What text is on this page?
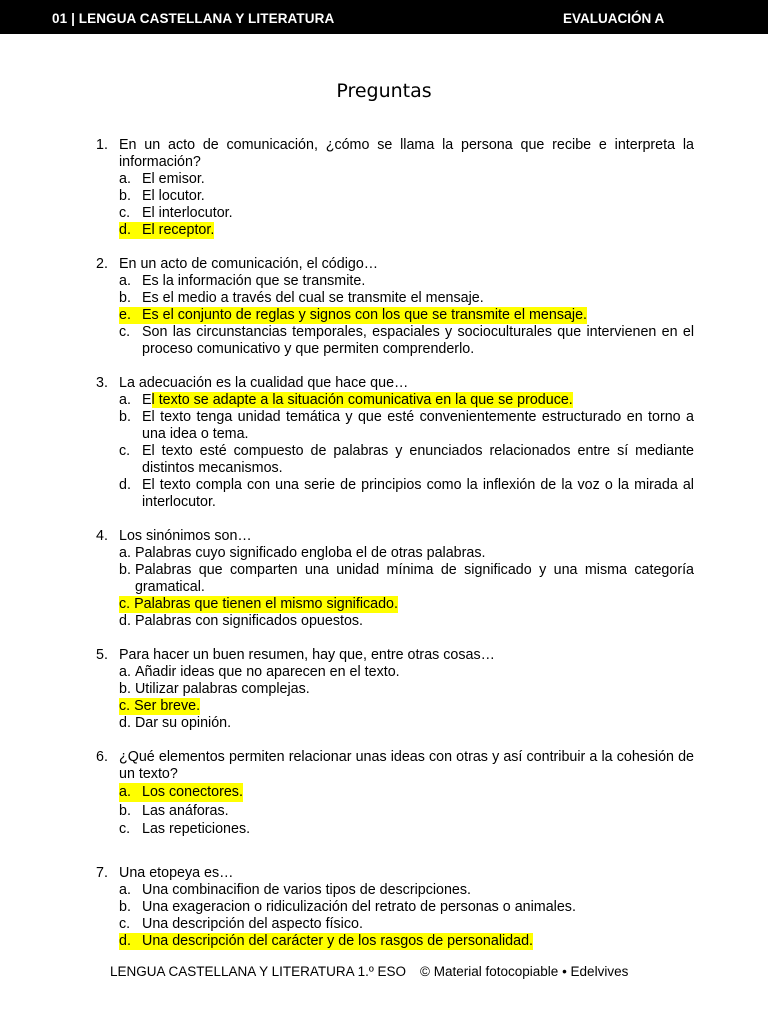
01 | LENGUA CASTELLANA Y LITERATURA	EVALUACIÓN A
Preguntas
1. En un acto de comunicación, ¿cómo se llama la persona que recibe e interpreta la información?
a. El emisor.
b. El locutor.
c. El interlocutor.
d. El receptor.
2. En un acto de comunicación, el código…
a. Es la información que se transmite.
b. Es el medio a través del cual se transmite el mensaje.
e. Es el conjunto de reglas y signos con los que se transmite el mensaje.
c. Son las circunstancias temporales, espaciales y socioculturales que intervienen en el proceso comunicativo y que permiten comprenderlo.
3. La adecuación es la cualidad que hace que…
a. El texto se adapte a la situación comunicativa en la que se produce.
b. El texto tenga unidad temática y que esté convenientemente estructurado en torno a una idea o tema.
c. El texto esté compuesto de palabras y enunciados relacionados entre sí mediante distintos mecanismos.
d. El texto compla con una serie de principios como la inflexión de la voz o la mirada al interlocutor.
4. Los sinónimos son…
a. Palabras cuyo significado engloba el de otras palabras.
b. Palabras que comparten una unidad mínima de significado y una misma categoría gramatical.
c. Palabras que tienen el mismo significado.
d. Palabras con significados opuestos.
5. Para hacer un buen resumen, hay que, entre otras cosas…
a. Añadir ideas que no aparecen en el texto.
b. Utilizar palabras complejas.
c. Ser breve.
d. Dar su opinión.
6. ¿Qué elementos permiten relacionar unas ideas con otras y así contribuir a la cohesión de un texto?
a. Los conectores.
b. Las anáforas.
c. Las repeticiones.
7. Una etopeya es…
a. Una combinacifion de varios tipos de descripciones.
b. Una exageracion o ridiculización del retrato de personas o animales.
c. Una descripción del aspecto físico.
d. Una descripción del carácter y de los rasgos de personalidad.
LENGUA CASTELLANA Y LITERATURA 1.º ESO © Material fotocopiable • Edelvives
